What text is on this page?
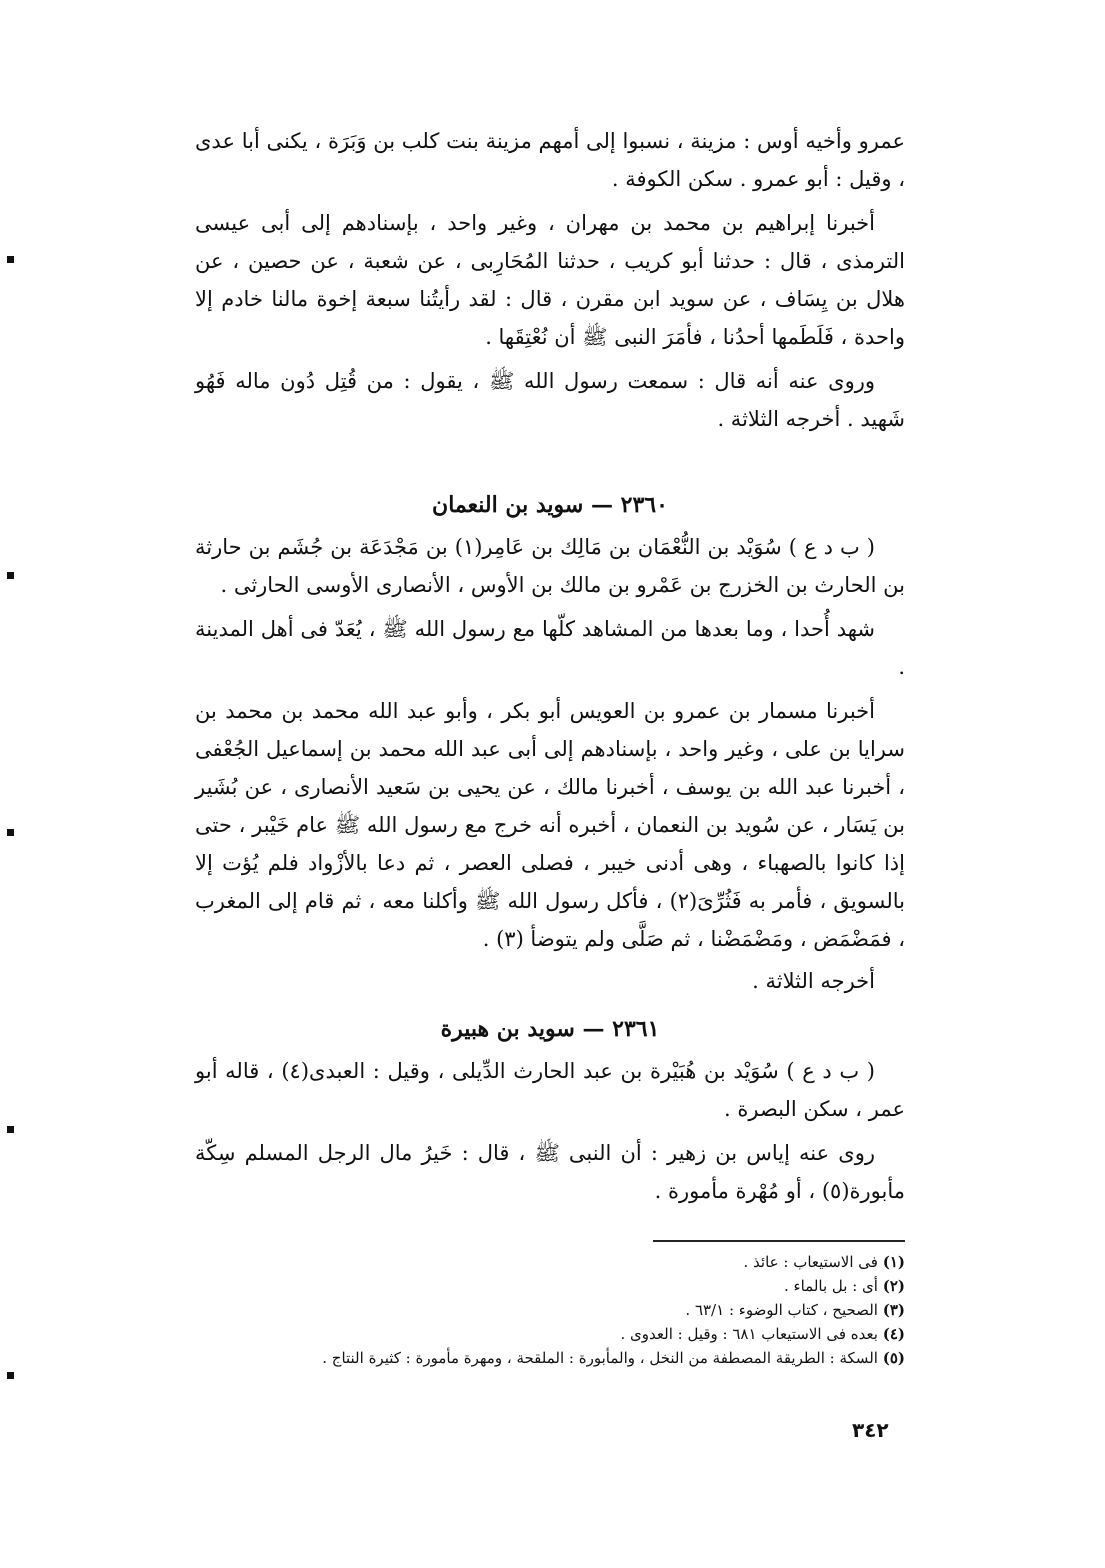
عمرو وأخيه أوس : مزينة ، نسبوا إلى أمهم مزينة بنت كلب بن وَبَرَة ، يكنى أبا عدى ، وقيل : أبو عمرو . سكن الكوفة .

أخبرنا إبراهيم بن محمد بن مهران ، وغير واحد ، بإسنادهم إلى أبى عيسى الترمذى ، قال : حدثنا أبو كريب ، حدثنا المُحَارِبى ، عن شعبة ، عن حصين ، عن هلال بن يِسَاف ، عن سويد ابن مقرن ، قال : لقد رأيتُنا سبعة إخوة مالنا خادم إلا واحدة ، فَلَطَمها أحدُنا ، فأمَرَ النبى ﷺ أن نُعْتِقَها .

وروى عنه أنه قال : سمعت رسول الله ﷺ ، يقول : من قُتِل دُون ماله فَهُو شَهيد . أخرجه الثلاثة .

٢٣٦٠ — سويد بن النعمان

( ب د ع ) سُوَيْد بن النُّعْمَان بن مَالِك بن عَامِر(١) بن مَجْدَعَة بن جُشَم بن حارثة بن الحارث بن الخزرج بن عَمْرو بن مالك بن الأوس ، الأنصارى الأوسى الحارثى .

شهد أُحدا ، وما بعدها من المشاهد كلّها مع رسول الله ﷺ ، يُعَدّ فى أهل المدينة .

أخبرنا مسمار بن عمرو بن العويس أبو بكر ، وأبو عبد الله محمد بن محمد بن سرايا بن على ، وغير واحد ، بإسنادهم إلى أبى عبد الله محمد بن إسماعيل الجُعْفى ، أخبرنا عبد الله بن يوسف ، أخبرنا مالك ، عن يحيى بن سَعيد الأنصارى ، عن بُشَير بن يَسَار ، عن سُويد بن النعمان ، أخبره أنه خرج مع رسول الله ﷺ عام خَيْبر ، حتى إذا كانوا بالصهباء ، وهى أدنى خيبر ، فصلى العصر ، ثم دعا بالأزْواد فلم يُؤت إلا بالسويق ، فأمر به فَثُرِّىَ(٢) ، فأكل رسول الله ﷺ وأكلنا معه ، ثم قام إلى المغرب ، فمَضْمَض ، ومَضْمَضْنا ، ثم صَلَّى ولم يتوضأ (٣) .

أخرجه الثلاثة .

٢٣٦١ — سويد بن هبيرة

( ب د ع ) سُوَيْد بن هُبَيْرة بن عبد الحارث الدِّيلى ، وقيل : العبدى(٤) ، قاله أبو عمر ، سكن البصرة .

روى عنه إياس بن زهير : أن النبى ﷺ ، قال : خَيرُ مال الرجل المسلم سِكّة مأبورة(٥) ، أو مُهْرة مأمورة .

(١) فى الاستيعاب : عائذ .

(٢) أى : بل بالماء .

(٣) الصحيح ، كتاب الوضوء : ٦٣/١ .

(٤) بعده فى الاستيعاب ٦٨١ : وقيل : العدوى .

(٥) السكة : الطريقة المصطفة من النخل ، والمأبورة : الملقحة ، ومهرة مأمورة : كثيرة النتاج .

٣٤٢
